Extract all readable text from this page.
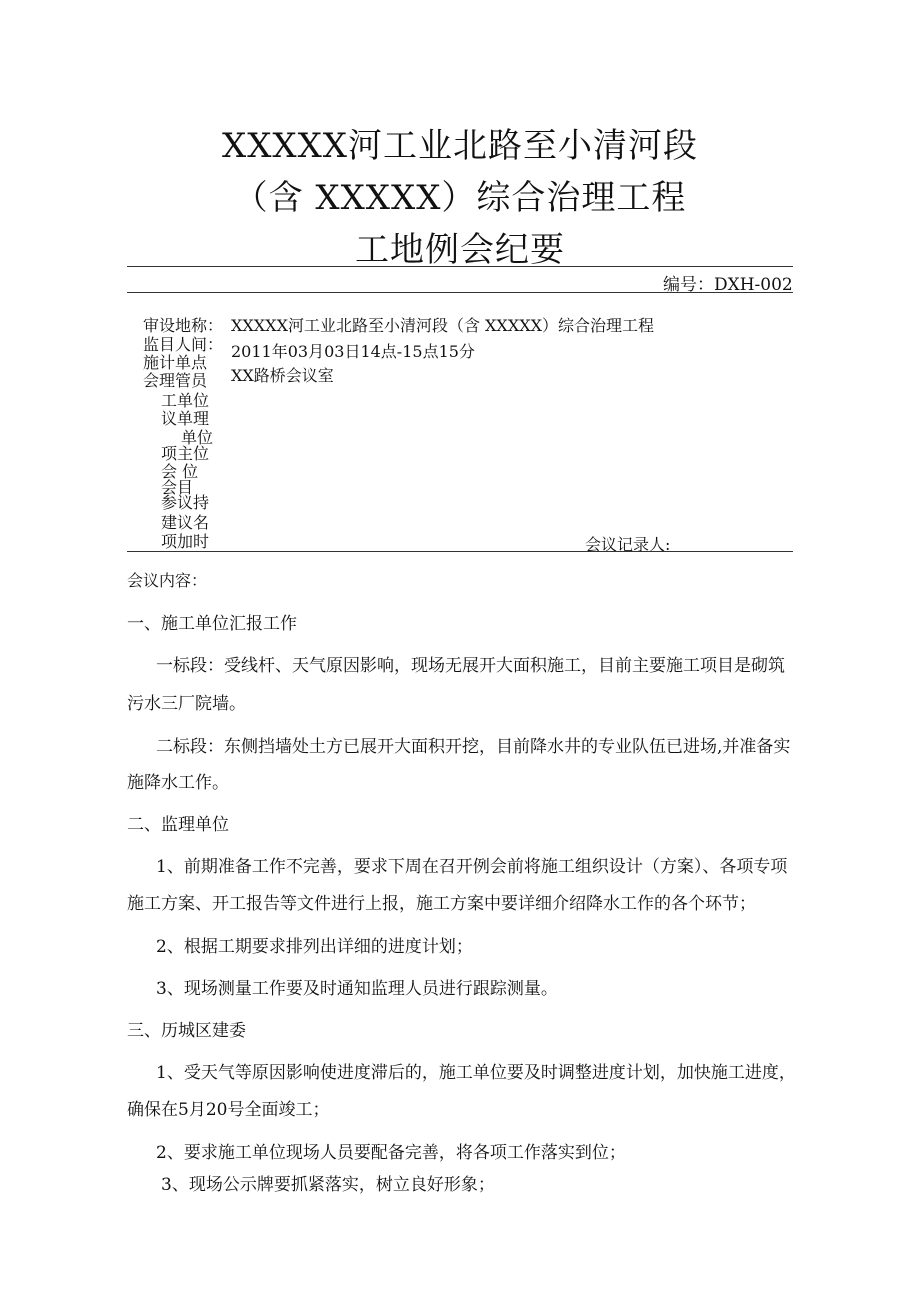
XXXXX河工业北路至小清河段
（含 XXXXX）综合治理工程
工地例会纪要
编号：DXH-002
审设地称：
监目人间：
施计单点
会理管员
工单位
议单理
单位
项主位
会 位
会目
参议持
建议名
项加时
XXXXX河工业北路至小清河段（含 XXXXX）综合治理工程
2011年03月03日14点-15点15分
XX路桥会议室
会议记录人:
会议内容：
一、施工单位汇报工作
一标段：受线杆、天气原因影响，现场无展开大面积施工，目前主要施工项目是砌筑
污水三厂院墙。
二标段：东侧挡墙处土方已展开大面积开挖，目前降水井的专业队伍已进场,并准备实
施降水工作。
二、监理单位
1、前期准备工作不完善，要求下周在召开例会前将施工组织设计（方案）、各项专项
施工方案、开工报告等文件进行上报，施工方案中要详细介绍降水工作的各个环节；
2、根据工期要求排列出详细的进度计划；
3、现场测量工作要及时通知监理人员进行跟踪测量。
三、历城区建委
1、受天气等原因影响使进度滞后的，施工单位要及时调整进度计划，加快施工进度，
确保在5月20号全面竣工；
2、要求施工单位现场人员要配备完善，将各项工作落实到位；
3、现场公示牌要抓紧落实，树立良好形象；
